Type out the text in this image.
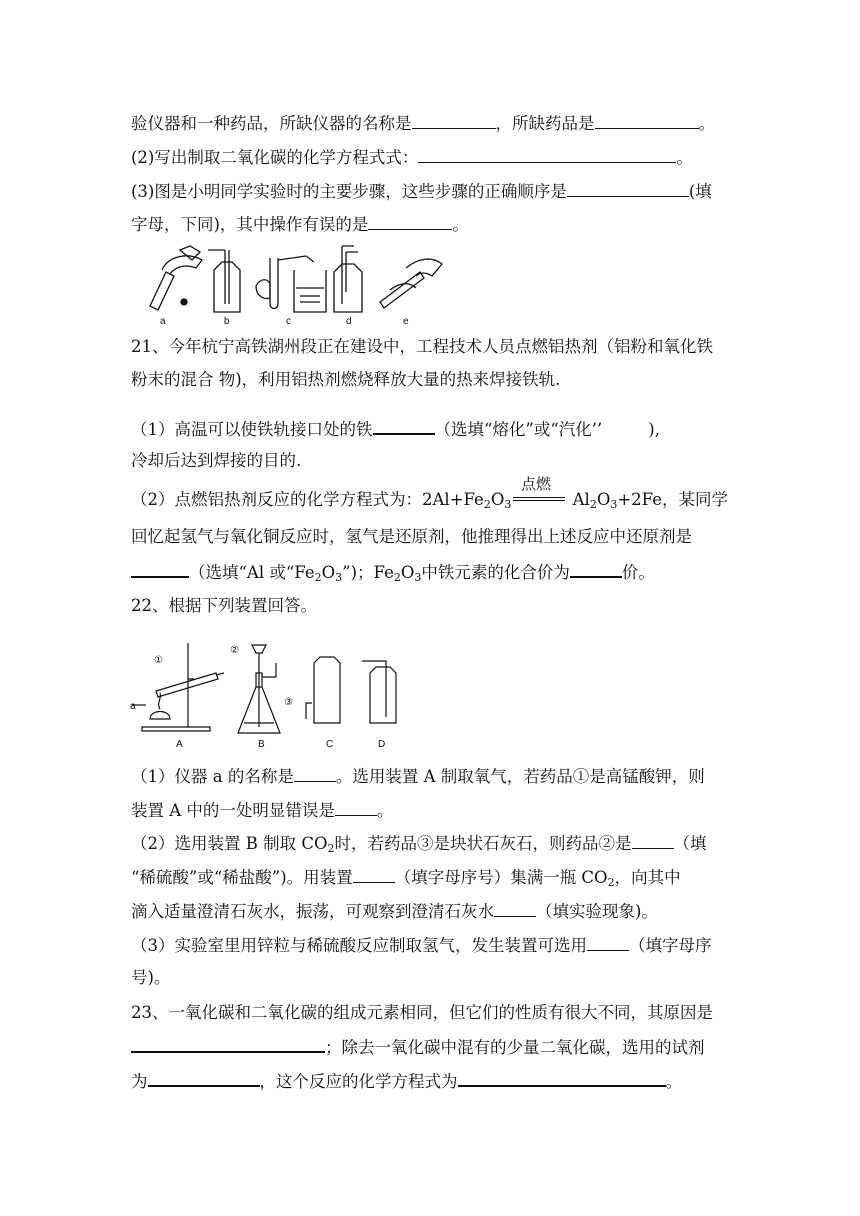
验仪器和一种药品，所缺仪器的名称是	，所缺药品是	。
(2)写出制取二氧化碳的化学方程式式：	。
(3)图是小明同学实验时的主要步骤，这些步骤的正确顺序是	(填
字母，下同)，其中操作有误的是	。
a	b	c	d	e
21、今年杭宁高铁湖州段正在建设中，工程技术人员点燃铝热剂（铝粉和氧化铁
粉末的混合 物)，利用铝热剂燃烧释放大量的热来焊接铁轨.
（1）高温可以使铁轨接口处的铁	（选填“熔化”或“汽化’’	),
冷却后达到焊接的目的.
（2）点燃铝热剂反应的化学方程式为：$2Al+Fe_2O_3$	$Al_2O_3+2Fe$，某同学
点燃
回忆起氢气与氧化铜反应时，氢气是还原剂，他推理得出上述反应中还原剂是
（选填“Al 或“$Fe_2O_3$”)；$Fe_2O_3$中铁元素的化合价为	价。
22、根据下列装置回答。
①
②
③
a
A	B	C	D
（1）仪器 a 的名称是	。选用装置 A 制取氧气，若药品①是高锰酸钾，则
装置 A 中的一处明显错误是	。
（2）选用装置 B 制取 $CO_2$时，若药品③是块状石灰石，则药品②是	（填
“稀硫酸”或“稀盐酸”)。用装置	（填字母序号）集满一瓶 $CO_2$，向其中
滴入适量澄清石灰水，振荡，可观察到澄清石灰水	（填实验现象)。
（3）实验室里用锌粒与稀硫酸反应制取氢气，发生装置可选用	（填字母序
号)。
23、一氧化碳和二氧化碳的组成元素相同，但它们的性质有很大不同，其原因是
；除去一氧化碳中混有的少量二氧化碳，选用的试剂
为	，这个反应的化学方程式为	。
